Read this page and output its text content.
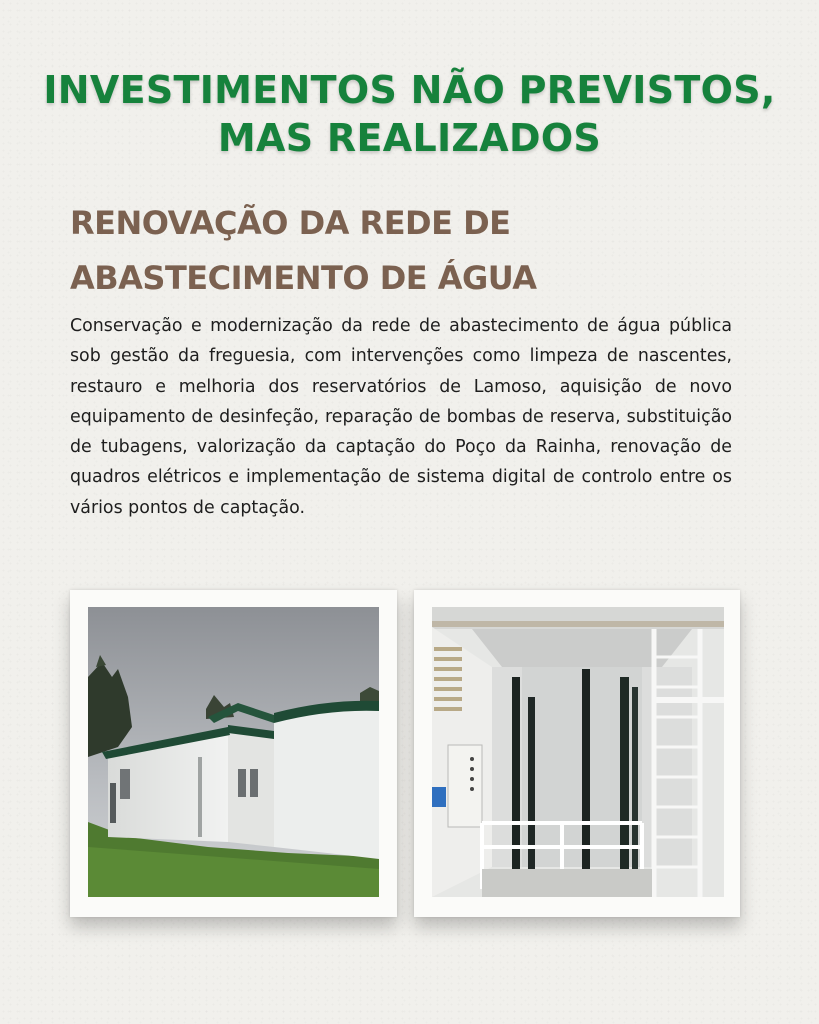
INVESTIMENTOS NÃO PREVISTOS,
MAS REALIZADOS
RENOVAÇÃO DA REDE DE
ABASTECIMENTO DE ÁGUA
Conservação e modernização da rede de abastecimento de água pública sob gestão da freguesia, com intervenções como limpeza de nascentes, restauro e melhoria dos reservatórios de Lamoso, aquisição de novo equipamento de desinfeção, reparação de bombas de reserva, substituição de tubagens, valorização da captação do Poço da Rainha, renovação de quadros elétricos e implementação de sistema digital de controlo entre os vários pontos de captação.
